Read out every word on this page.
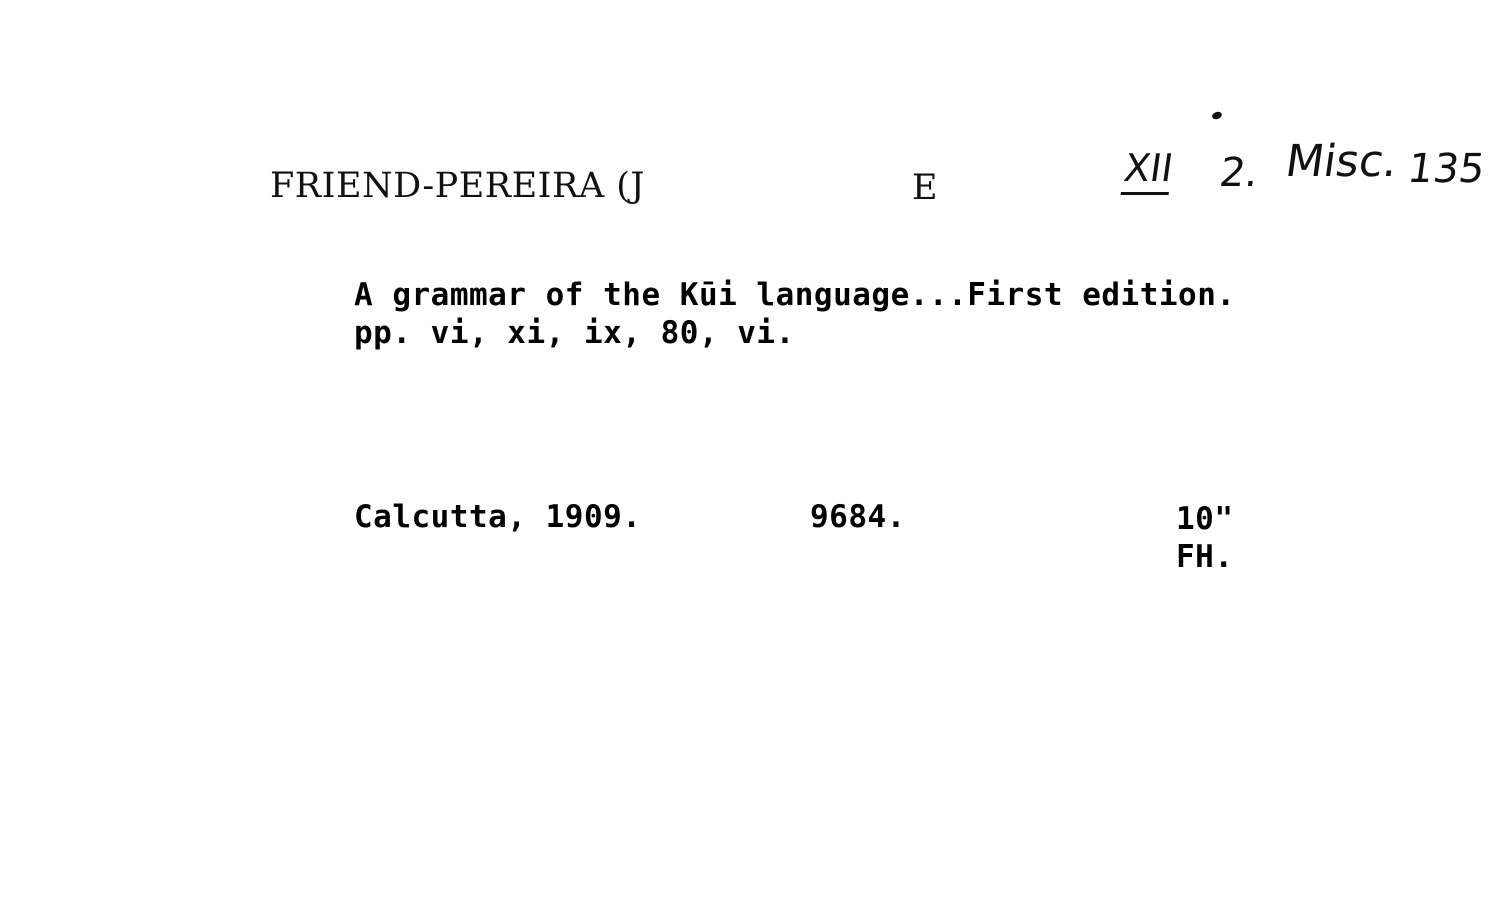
FRIEND-PEREIRA (J	E	XII 2. Misc. 135
A grammar of the Kūi language...First edition.
pp. vi, xi, ix, 80, vi.
Calcutta, 1909.	9684.	10"
FH.
